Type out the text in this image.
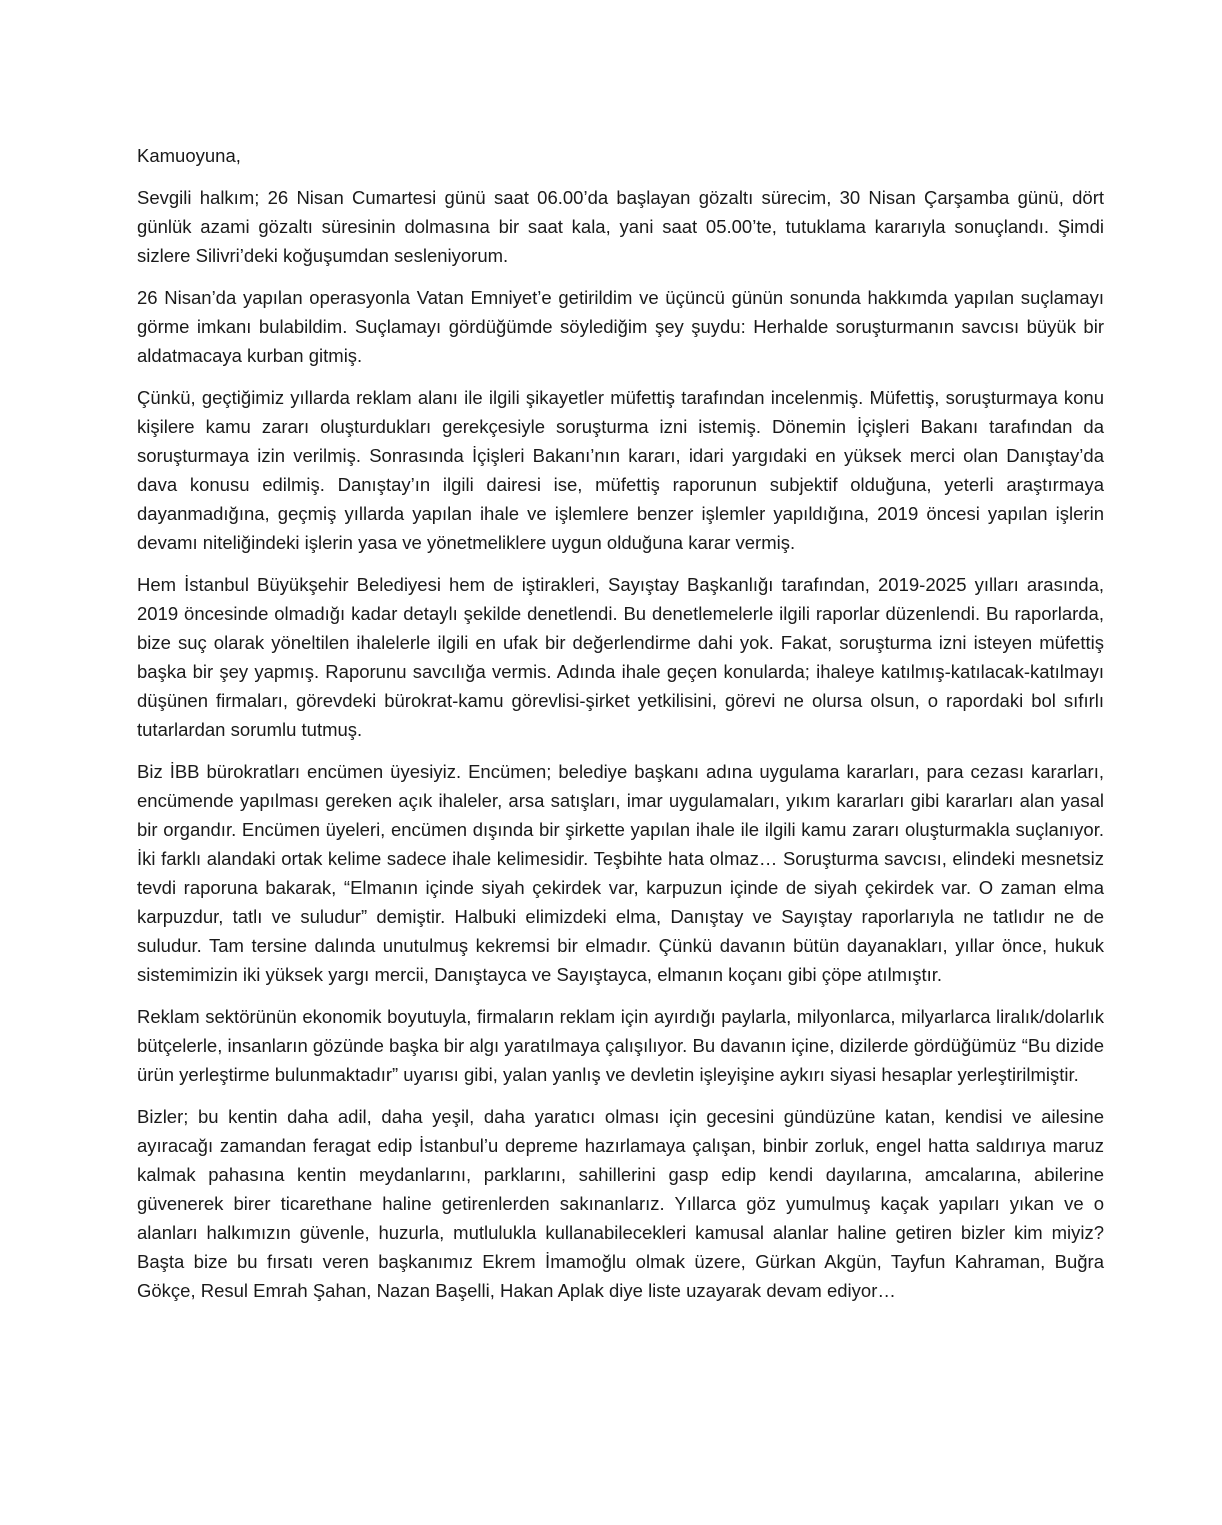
Kamuoyuna,

Sevgili halkım; 26 Nisan Cumartesi günü saat 06.00’da başlayan gözaltı sürecim, 30 Nisan Çarşamba günü, dört günlük azami gözaltı süresinin dolmasına bir saat kala, yani saat 05.00’te, tutuklama kararıyla sonuçlandı. Şimdi sizlere Silivri’deki koğuşumdan sesleniyorum.

26 Nisan’da yapılan operasyonla Vatan Emniyet’e getirildim ve üçüncü günün sonunda hakkımda yapılan suçlamayı görme imkanı bulabildim. Suçlamayı gördüğümde söylediğim şey şuydu: Herhalde soruşturmanın savcısı büyük bir aldatmacaya kurban gitmiş.

Çünkü, geçtiğimiz yıllarda reklam alanı ile ilgili şikayetler müfettiş tarafından incelenmiş. Müfettiş, soruşturmaya konu kişilere kamu zararı oluşturdukları gerekçesiyle soruşturma izni istemiş. Dönemin İçişleri Bakanı tarafından da soruşturmaya izin verilmiş. Sonrasında İçişleri Bakanı’nın kararı, idari yargıdaki en yüksek merci olan Danıştay’da dava konusu edilmiş. Danıştay’ın ilgili dairesi ise, müfettiş raporunun subjektif olduğuna, yeterli araştırmaya dayanmadığına, geçmiş yıllarda yapılan ihale ve işlemlere benzer işlemler yapıldığına, 2019 öncesi yapılan işlerin devamı niteliğindeki işlerin yasa ve yönetmeliklere uygun olduğuna karar vermiş.

Hem İstanbul Büyükşehir Belediyesi hem de iştirakleri, Sayıştay Başkanlığı tarafından, 2019-2025 yılları arasında, 2019 öncesinde olmadığı kadar detaylı şekilde denetlendi. Bu denetlemelerle ilgili raporlar düzenlendi. Bu raporlarda, bize suç olarak yöneltilen ihalelerle ilgili en ufak bir değerlendirme dahi yok. Fakat, soruşturma izni isteyen müfettiş başka bir şey yapmış. Raporunu savcılığa vermis. Adında ihale geçen konularda; ihaleye katılmış-katılacak-katılmayı düşünen firmaları, görevdeki bürokrat-kamu görevlisi-şirket yetkilisini, görevi ne olursa olsun, o rapordaki bol sıfırlı tutarlardan sorumlu tutmuş.

Biz İBB bürokratları encümen üyesiyiz. Encümen; belediye başkanı adına uygulama kararları, para cezası kararları, encümende yapılması gereken açık ihaleler, arsa satışları, imar uygulamaları, yıkım kararları gibi kararları alan yasal bir organdır. Encümen üyeleri, encümen dışında bir şirkette yapılan ihale ile ilgili kamu zararı oluşturmakla suçlanıyor. İki farklı alandaki ortak kelime sadece ihale kelimesidir. Teşbihte hata olmaz… Soruşturma savcısı, elindeki mesnetsiz tevdi raporuna bakarak, “Elmanın içinde siyah çekirdek var, karpuzun içinde de siyah çekirdek var. O zaman elma karpuzdur, tatlı ve suludur” demiştir. Halbuki elimizdeki elma, Danıştay ve Sayıştay raporlarıyla ne tatlıdır ne de suludur. Tam tersine dalında unutulmuş kekremsi bir elmadır. Çünkü davanın bütün dayanakları, yıllar önce, hukuk sistemimizin iki yüksek yargı mercii, Danıştayca ve Sayıştayca, elmanın koçanı gibi çöpe atılmıştır.

Reklam sektörünün ekonomik boyutuyla, firmaların reklam için ayırdığı paylarla, milyonlarca, milyarlarca liralık/dolarlık bütçelerle, insanların gözünde başka bir algı yaratılmaya çalışılıyor. Bu davanın içine, dizilerde gördüğümüz “Bu dizide ürün yerleştirme bulunmaktadır” uyarısı gibi, yalan yanlış ve devletin işleyişine aykırı siyasi hesaplar yerleştirilmiştir.

Bizler; bu kentin daha adil, daha yeşil, daha yaratıcı olması için gecesini gündüzüne katan, kendisi ve ailesine ayıracağı zamandan feragat edip İstanbul’u depreme hazırlamaya çalışan, binbir zorluk, engel hatta saldırıya maruz kalmak pahasına kentin meydanlarını, parklarını, sahillerini gasp edip kendi dayılarına, amcalarına, abilerine güvenerek birer ticarethane haline getirenlerden sakınanlarız. Yıllarca göz yumulmuş kaçak yapıları yıkan ve o alanları halkımızın güvenle, huzurla, mutlulukla kullanabilecekleri kamusal alanlar haline getiren bizler kim miyiz? Başta bize bu fırsatı veren başkanımız Ekrem İmamoğlu olmak üzere, Gürkan Akgün, Tayfun Kahraman, Buğra Gökçe, Resul Emrah Şahan, Nazan Başelli, Hakan Aplak diye liste uzayarak devam ediyor…
